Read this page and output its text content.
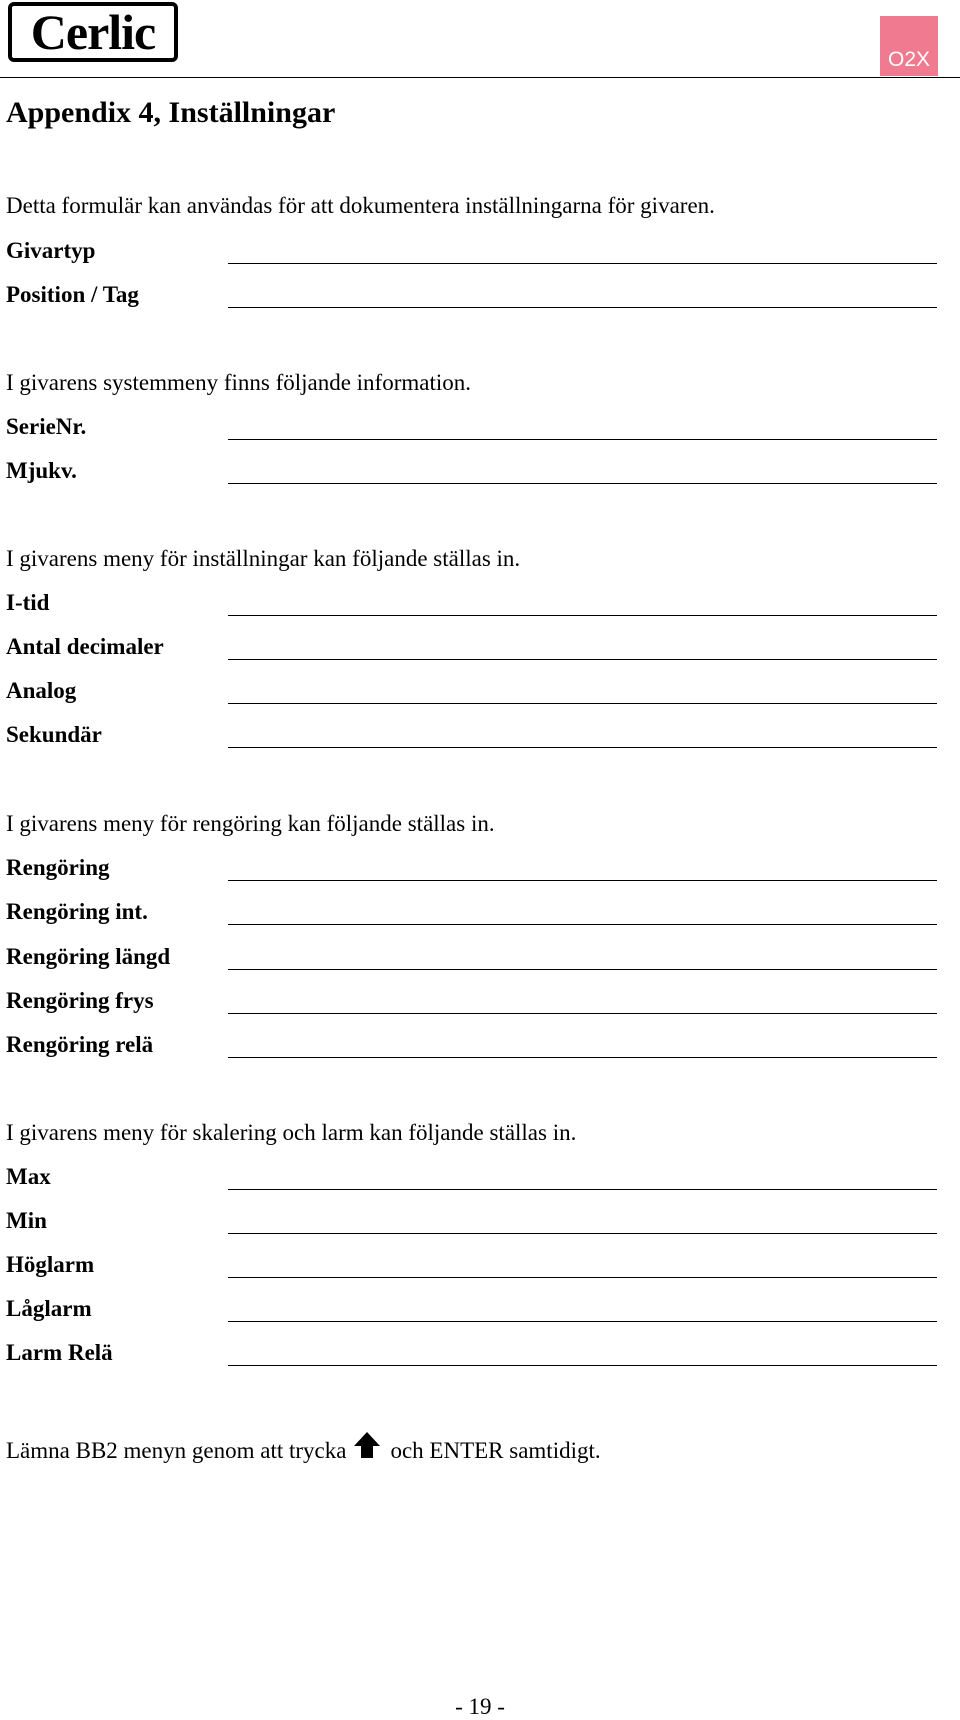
Cerlic	O2X
Appendix 4, Inställningar
Detta formulär kan användas för att dokumentera inställningarna för givaren.
Givartyp
Position / Tag
I givarens systemmeny finns följande information.
SerieNr.
Mjukv.
I givarens meny för inställningar kan följande ställas in.
I-tid
Antal decimaler
Analog
Sekundär
I givarens meny för rengöring kan följande ställas in.
Rengöring
Rengöring int.
Rengöring längd
Rengöring frys
Rengöring relä
I givarens meny för skalering och larm kan följande ställas in.
Max
Min
Höglarm
Låglarm
Larm Relä
Lämna BB2 menyn genom att trycka och ENTER samtidigt.
- 19 -
